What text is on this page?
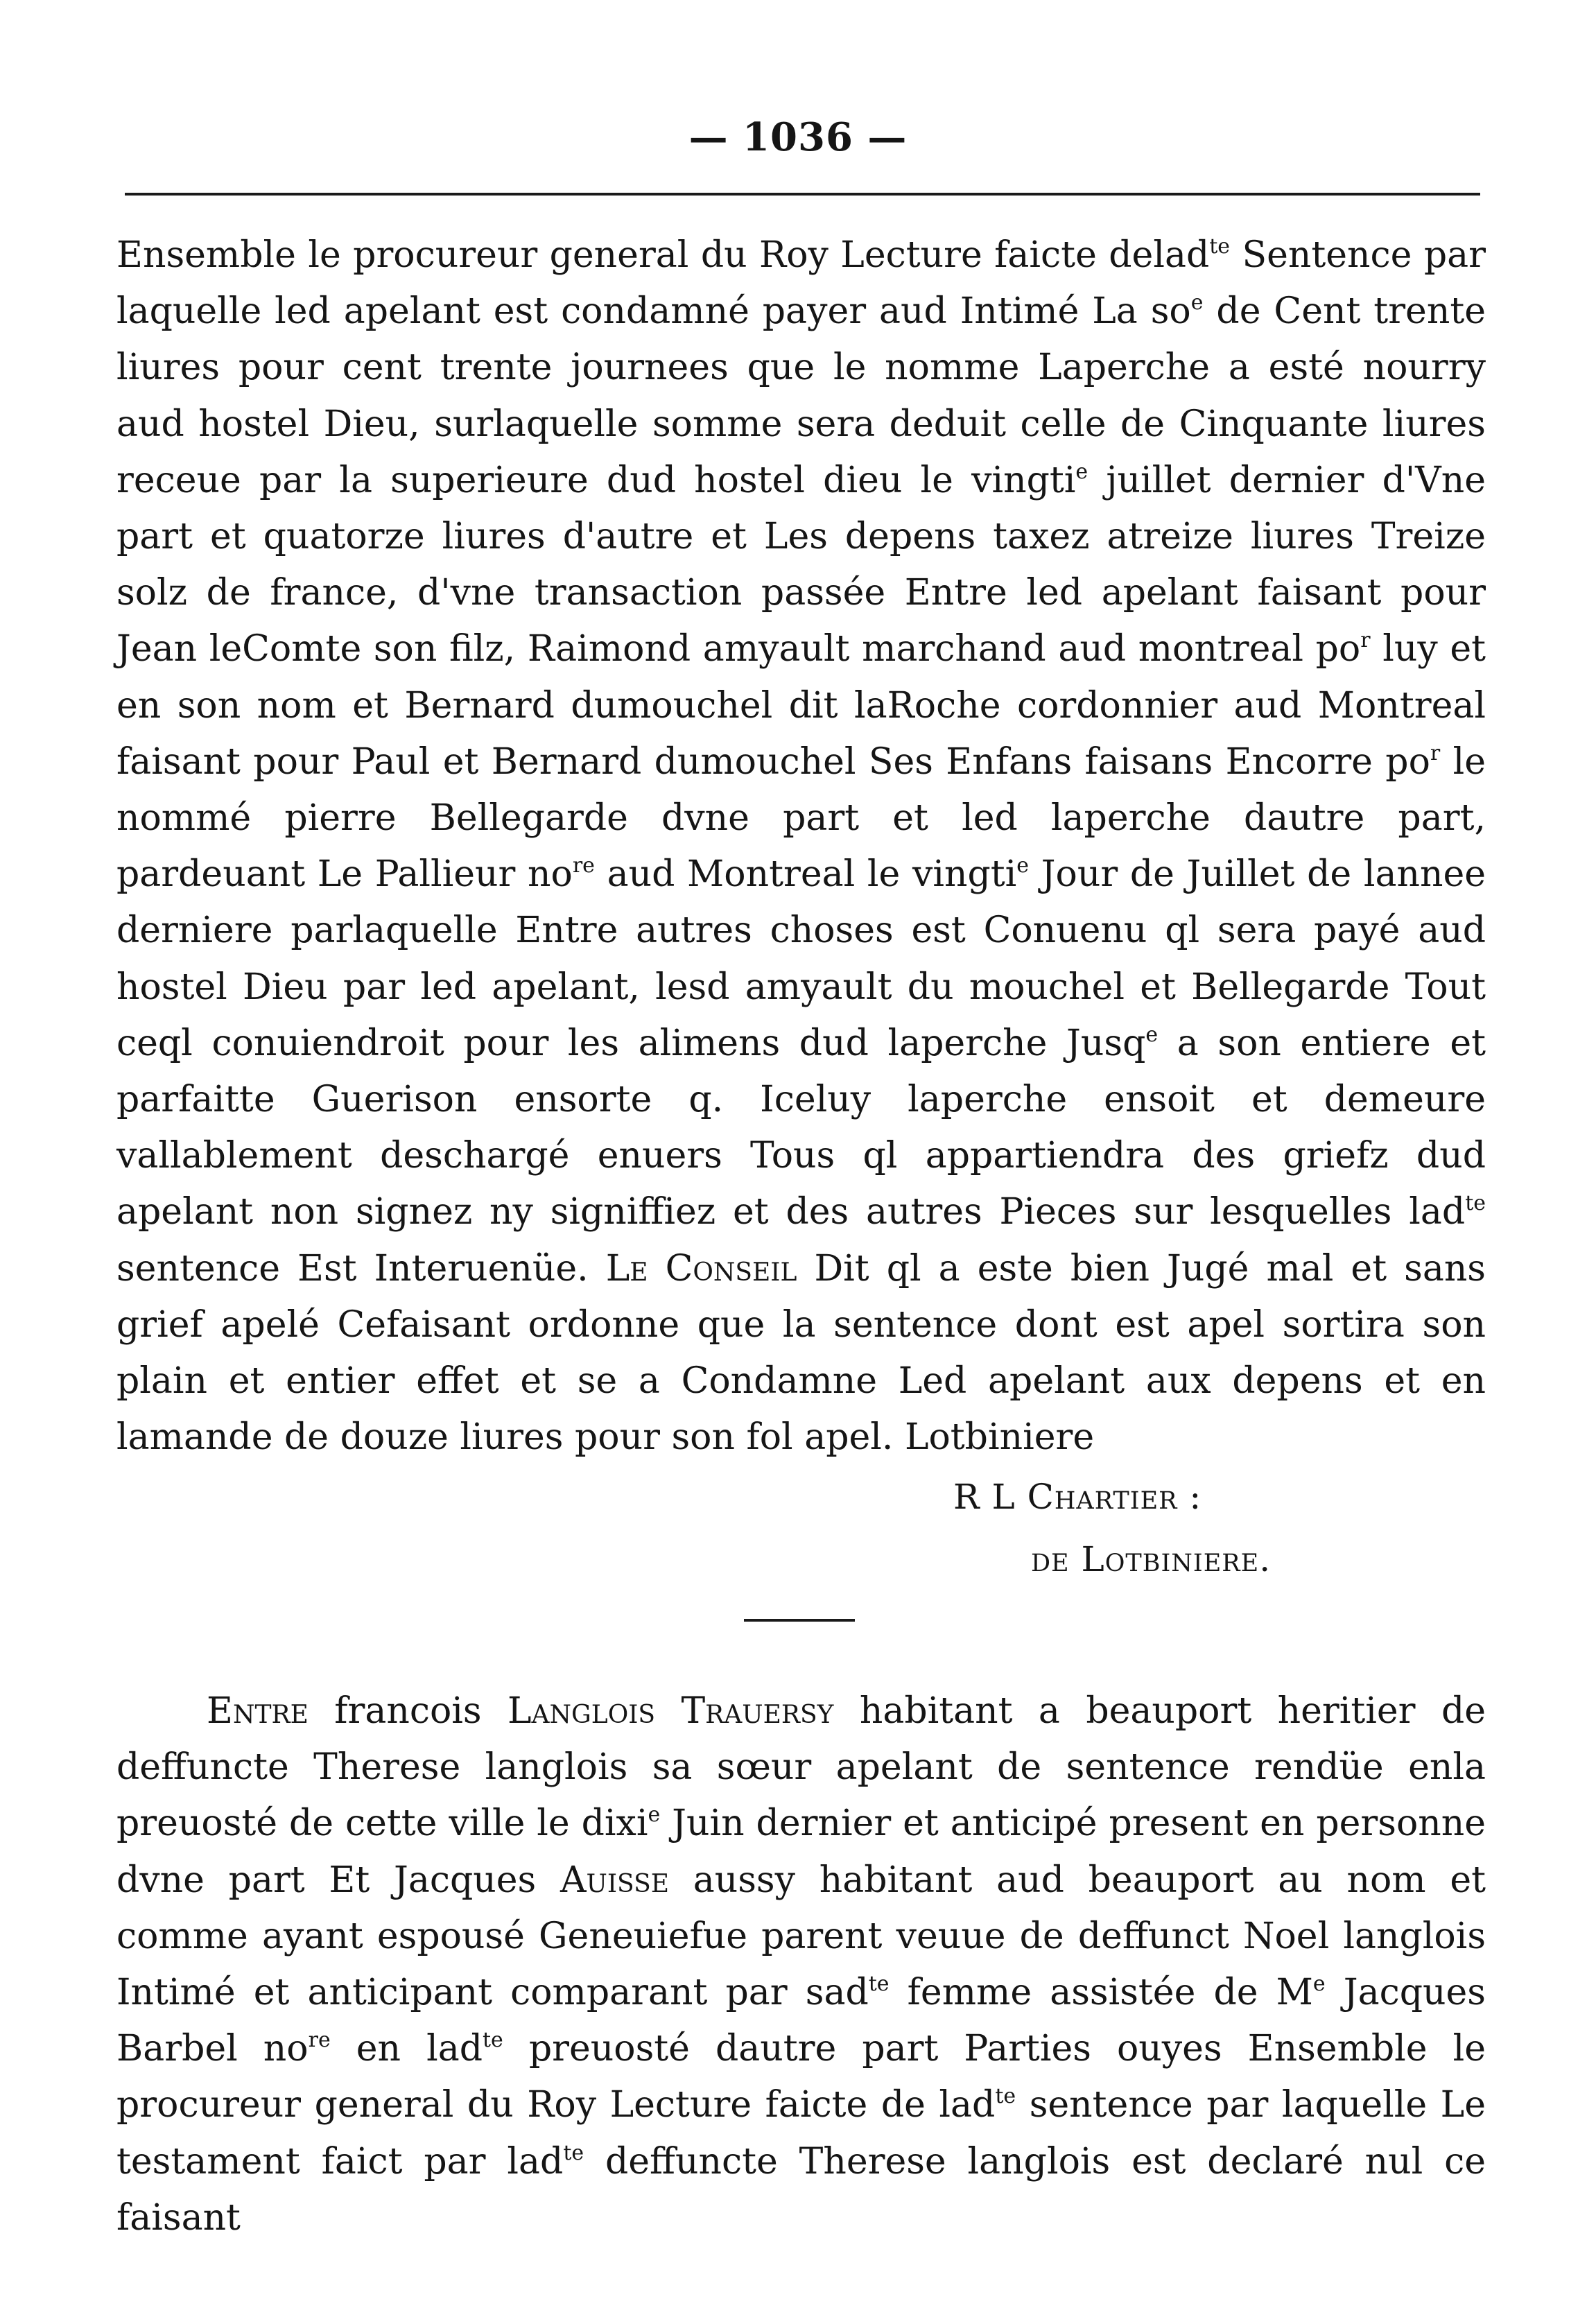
— 1036 —

Ensemble le procureur general du Roy Lecture faicte delad$^{te}$ Sentence par laquelle led apelant est condamné payer aud Intimé La $so^e$ de Cent trente liures pour cent trente journees que le nomme Laperche a esté nourry aud hostel Dieu, surlaquelle somme sera deduit celle de Cinquante liures receue par la superieure dud hostel dieu le vingti$^e$ juillet dernier d'Vne part et quatorze liures d'autre et Les depens taxez atreize liures Treize solz de france, d'vne transaction passée Entre led apelant faisant pour Jean leComte son filz, Raimond amyault marchand aud montreal $po^r$ luy et en son nom et Bernard dumouchel dit laRoche cordonnier aud Montreal faisant pour Paul et Bernard dumouchel Ses Enfans faisans Encorre $po^r$ le nommé pierre Bellegarde dvne part et led laperche dautre part, pardeuant Le Pallieur $no^{re}$ aud Montreal le vingti$^e$ Jour de Juillet de lannee derniere parlaquelle Entre autres choses est Conuenu ql sera payé aud hostel Dieu par led apelant, lesd amyault du mouchel et Bellegarde Tout ceql conuiendroit pour les alimens dud laperche Jusq$^e$ a son entiere et parfaitte Guerison ensorte q. Iceluy laperche ensoit et demeure vallablement deschargé enuers Tous ql appartiendra des griefz dud apelant non signez ny signiffiez et des autres Pieces sur lesquelles lad$^{te}$ sentence Est Interuenüe. Le Conseil Dit ql a este bien Jugé mal et sans grief apelé Cefaisant ordonne que la sentence dont est apel sortira son plain et entier effet et se a Condamne Led apelant aux depens et en lamande de douze liures pour son fol apel. Lotbiniere

R L Chartier :
de Lotbiniere.

Entre francois Langlois Trauersy habitant a beauport heritier de deffuncte Therese langlois sa sœur apelant de sentence rendüe enla preuosté de cette ville le dixi$^e$ Juin dernier et anticipé present en personne dvne part Et Jacques Auisse aussy habitant aud beauport au nom et comme ayant espousé Geneuiefue parent veuue de deffunct Noel langlois Intimé et anticipant comparant par sad$^{te}$ femme assistée de Me Jacques Barbel $no^{re}$ en lad$^{te}$ preuosté dautre part Parties ouyes Ensemble le procureur general du Roy Lecture faicte de lad$^{te}$ sentence par laquelle Le testament faict par lad$^{te}$ deffuncte Therese langlois est declaré nul ce faisant
